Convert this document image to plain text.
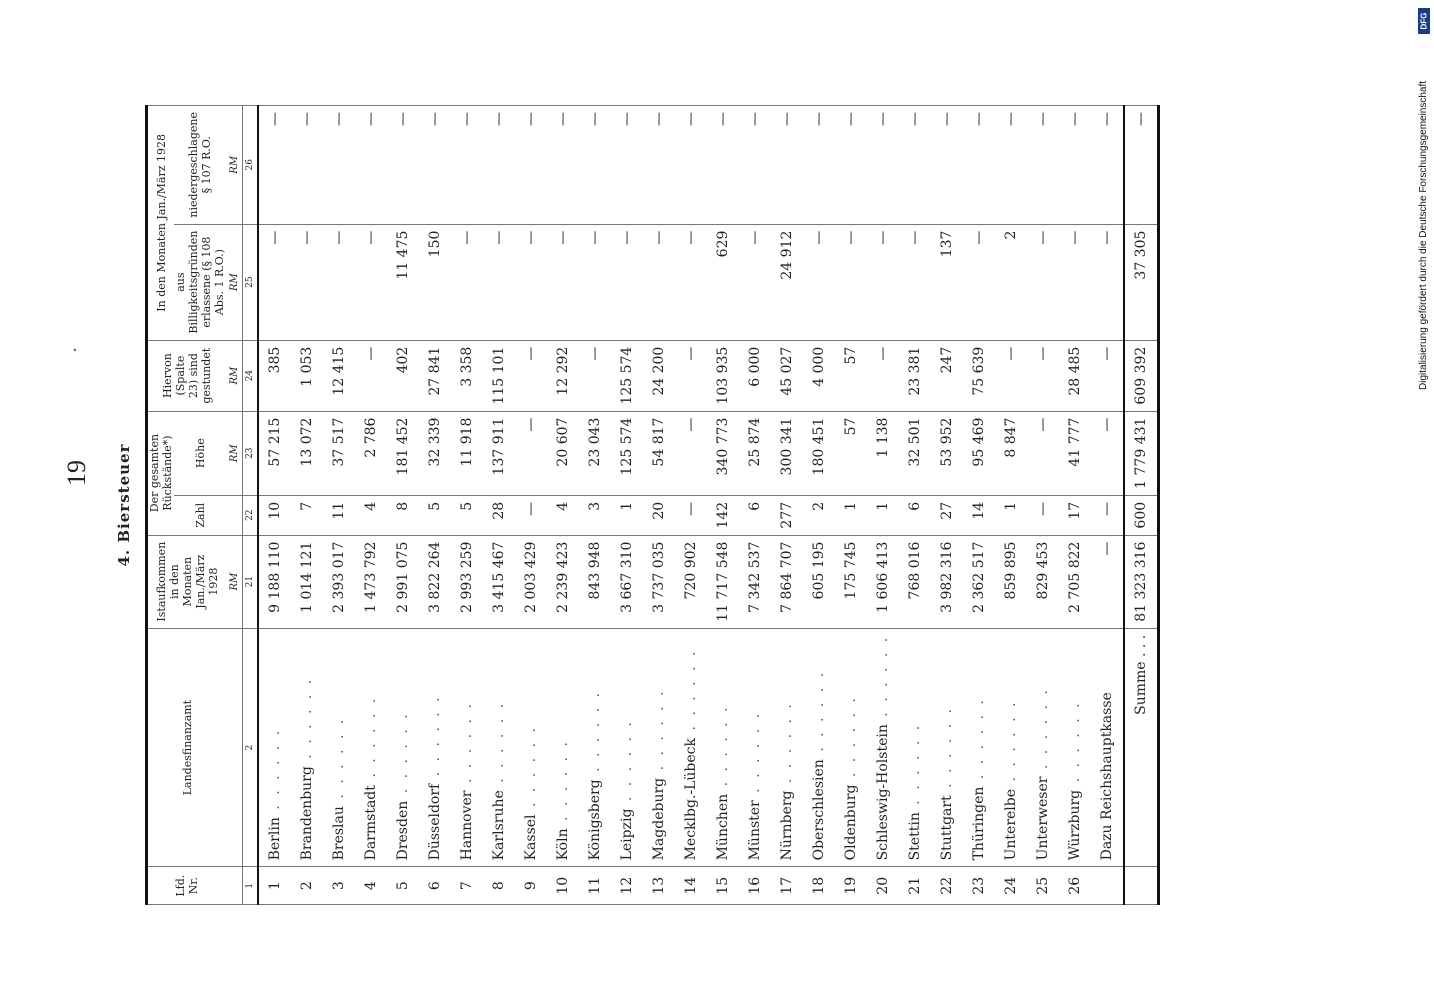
19
·
DFG
Digitalisierung gefördert durch die Deutsche Forschungsgemeinschaft
4. Biersteuer
Lfd. Nr.	Landesfinanzamt	Istaufkommen in den Monaten Jan./März 1928	Der gesamten Rückstände*)		Hiervon (Spalte 23) sind gestundet	In den Monaten Jan./März 1928	
			Zahl	Höhe		aus Billigkeitsgründen erlassene (§ 108 Abs. 1 R.O.)	niedergeschlagene § 107 R.O.
		RM		RM	RM	RM	RM
1	2	21	22	23	24	25	26
1	Berlin . . . . . .	9 188 110	10	57 215	385	—	—
2	Brandenburg . . . . . .	1 014 121	7	13 072	1 053	—	—
3	Breslau . . . . . .	2 393 017	11	37 517	12 415	—	—
4	Darmstadt . . . . . .	1 473 792	4	2 786	—	—	—
5	Dresden . . . . . .	2 991 075	8	181 452	402	11 475	—
6	Düsseldorf . . . . . .	3 822 264	5	32 339	27 841	150	—
7	Hannover . . . . . .	2 993 259	5	11 918	3 358	—	—
8	Karlsruhe . . . . . .	3 415 467	28	137 911	115 101	—	—
9	Kassel . . . . . .	2 003 429	—	—	—	—	—
10	Köln . . . . . .	2 239 423	4	20 607	12 292	—	—
11	Königsberg . . . . . .	843 948	3	23 043	—	—	—
12	Leipzig . . . . . .	3 667 310	1	125 574	125 574	—	—
13	Magdeburg . . . . . .	3 737 035	20	54 817	24 200	—	—
14	Mecklbg.-Lübeck . . . . . .	720 902	—	—	—	—	—
15	München . . . . . .	11 717 548	142	340 773	103 935	629	—
16	Münster . . . . . .	7 342 537	6	25 874	6 000	—	—
17	Nürnberg . . . . . .	7 864 707	277	300 341	45 027	24 912	—
18	Oberschlesien . . . . . .	605 195	2	180 451	4 000	—	—
19	Oldenburg . . . . . .	175 745	1	57	57	—	—
20	Schleswig-Holstein . . . . . .	1 606 413	1	1 138	—	—	—
21	Stettin . . . . . .	768 016	6	32 501	23 381	—	—
22	Stuttgart . . . . . .	3 982 316	27	53 952	247	137	—
23	Thüringen . . . . . .	2 362 517	14	95 469	75 639	—	—
24	Unterelbe . . . . . .	859 895	1	8 847	—	2	—
25	Unterweser . . . . . .	829 453	—	—	—	—	—
26	Würzburg . . . . . .	2 705 822	17	41 777	28 485	—	—
	Dazu Reichshauptkasse	—	—	—	—	—	—
	Summe . . .	81 323 316	600	1 779 431	609 392	37 305	—
